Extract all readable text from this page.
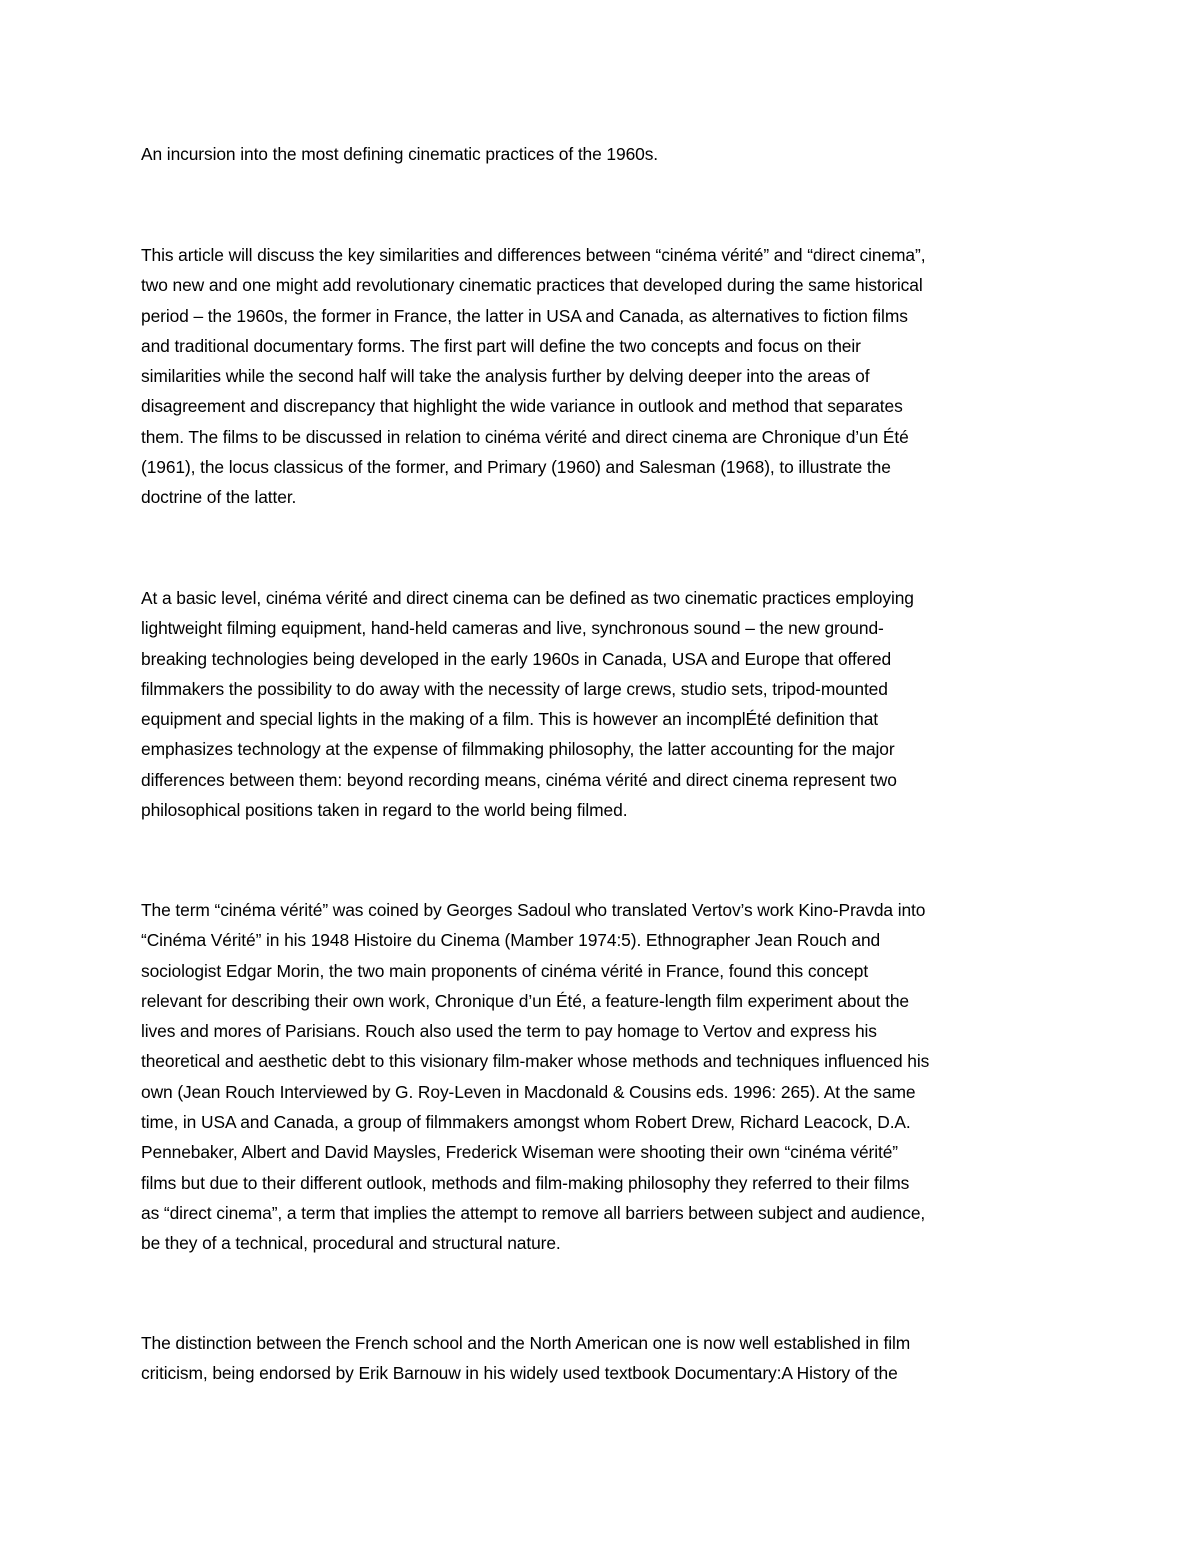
An incursion into the most defining cinematic practices of the 1960s.
This article will discuss the key similarities and differences between “cinéma vérité” and “direct cinema”,
two new and one might add revolutionary cinematic practices that developed during the same historical
period – the 1960s, the former in France, the latter in USA and Canada, as alternatives to fiction films
and traditional documentary forms. The first part will define the two concepts and focus on their
similarities while the second half will take the analysis further by delving deeper into the areas of
disagreement and discrepancy that highlight the wide variance in outlook and method that separates
them. The films to be discussed in relation to cinéma vérité and direct cinema are Chronique d’un Été
(1961), the locus classicus of the former, and Primary (1960) and Salesman (1968), to illustrate the
doctrine of the latter.
At a basic level, cinéma vérité and direct cinema can be defined as two cinematic practices employing
lightweight filming equipment, hand-held cameras and live, synchronous sound – the new ground-
breaking technologies being developed in the early 1960s in Canada, USA and Europe that offered
filmmakers the possibility to do away with the necessity of large crews, studio sets, tripod-mounted
equipment and special lights in the making of a film. This is however an incomplÉté definition that
emphasizes technology at the expense of filmmaking philosophy, the latter accounting for the major
differences between them: beyond recording means, cinéma vérité and direct cinema represent two
philosophical positions taken in regard to the world being filmed.
The term “cinéma vérité” was coined by Georges Sadoul who translated Vertov’s work Kino-Pravda into
“Cinéma Vérité” in his 1948 Histoire du Cinema (Mamber 1974:5). Ethnographer Jean Rouch and
sociologist Edgar Morin, the two main proponents of cinéma vérité in France, found this concept
relevant for describing their own work, Chronique d’un Été, a feature-length film experiment about the
lives and mores of Parisians. Rouch also used the term to pay homage to Vertov and express his
theoretical and aesthetic debt to this visionary film-maker whose methods and techniques influenced his
own (Jean Rouch Interviewed by G. Roy-Leven in Macdonald & Cousins eds. 1996: 265). At the same
time, in USA and Canada, a group of filmmakers amongst whom Robert Drew, Richard Leacock, D.A.
Pennebaker, Albert and David Maysles, Frederick Wiseman were shooting their own “cinéma vérité”
films but due to their different outlook, methods and film-making philosophy they referred to their films
as “direct cinema”, a term that implies the attempt to remove all barriers between subject and audience,
be they of a technical, procedural and structural nature.
The distinction between the French school and the North American one is now well established in film
criticism, being endorsed by Erik Barnouw in his widely used textbook Documentary:A History of the
